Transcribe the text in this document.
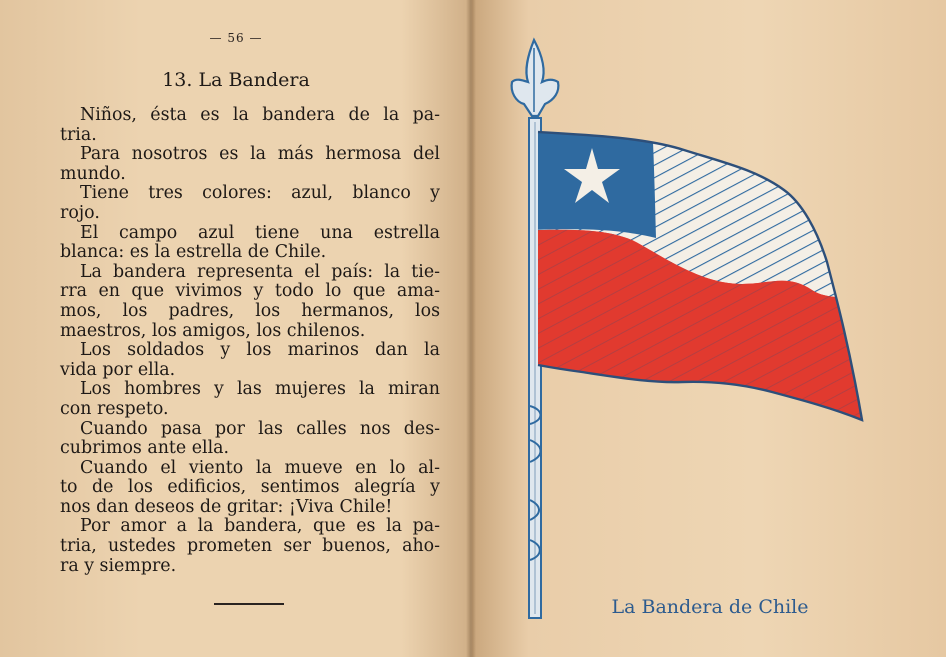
— 56 —
13. La Bandera
Niños, ésta es la bandera de la pa-
tria.
Para nosotros es la más hermosa del
mundo.
Tiene tres colores: azul, blanco y
rojo.
El campo azul tiene una estrella
blanca: es la estrella de Chile.
La bandera representa el país: la tie-
rra en que vivimos y todo lo que ama-
mos, los padres, los hermanos, los
maestros, los amigos, los chilenos.
Los soldados y los marinos dan la
vida por ella.
Los hombres y las mujeres la miran
con respeto.
Cuando pasa por las calles nos des-
cubrimos ante ella.
Cuando el viento la mueve en lo al-
to de los edificios, sentimos alegría y
nos dan deseos de gritar: ¡Viva Chile!
Por amor a la bandera, que es la pa-
tria, ustedes prometen ser buenos, aho-
ra y siempre.
La Bandera de Chile
